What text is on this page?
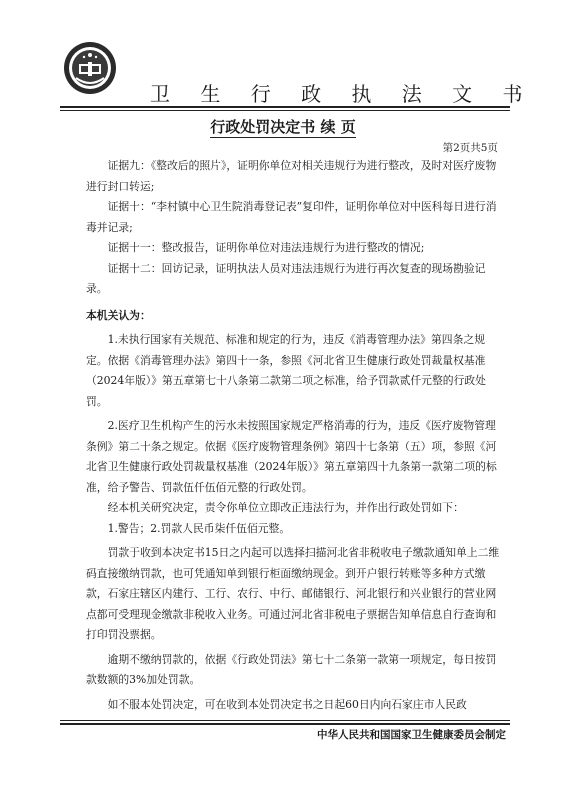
卫 生 行 政 执 法 文 书
行政处罚决定书 续 页
第2页共5页

证据九：《整改后的照片》，证明你单位对相关违规行为进行整改，及时对医疗废物进行封口转运;

证据十：“李村镇中心卫生院消毒登记表”复印件，证明你单位对中医科每日进行消毒并记录;

证据十一：整改报告，证明你单位对违法违规行为进行整改的情况;

证据十二：回访记录，证明执法人员对违法违规行为进行再次复查的现场勘验记录。

本机关认为：

1.未执行国家有关规范、标准和规定的行为，违反《消毒管理办法》第四条之规定。依据《消毒管理办法》第四十一条，参照《河北省卫生健康行政处罚裁量权基准（2024年版）》第五章第七十八条第二款第二项之标准，给予罚款贰仟元整的行政处罚。

2.医疗卫生机构产生的污水未按照国家规定严格消毒的行为，违反《医疗废物管理条例》第二十条之规定。依据《医疗废物管理条例》第四十七条第（五）项，参照《河北省卫生健康行政处罚裁量权基准（2024年版）》第五章第四十九条第一款第二项的标准，给予警告、罚款伍仟伍佰元整的行政处罚。

经本机关研究决定，责令你单位立即改正违法行为，并作出行政处罚如下：

1.警告；2.罚款人民币柒仟伍佰元整。

罚款于收到本决定书15日之内起可以选择扫描河北省非税收电子缴款通知单上二维码直接缴纳罚款，也可凭通知单到银行柜面缴纳现金。到开户银行转账等多种方式缴款，石家庄辖区内建行、工行、农行、中行、邮储银行、河北银行和兴业银行的营业网点都可受理现金缴款非税收入业务。可通过河北省非税电子票据告知单信息自行查询和打印罚没票据。

逾期不缴纳罚款的，依据《行政处罚法》第七十二条第一款第一项规定，每日按罚款数额的3%加处罚款。

如不服本处罚决定，可在收到本处罚决定书之日起60日内向石家庄市人民政

中华人民共和国国家卫生健康委员会制定
